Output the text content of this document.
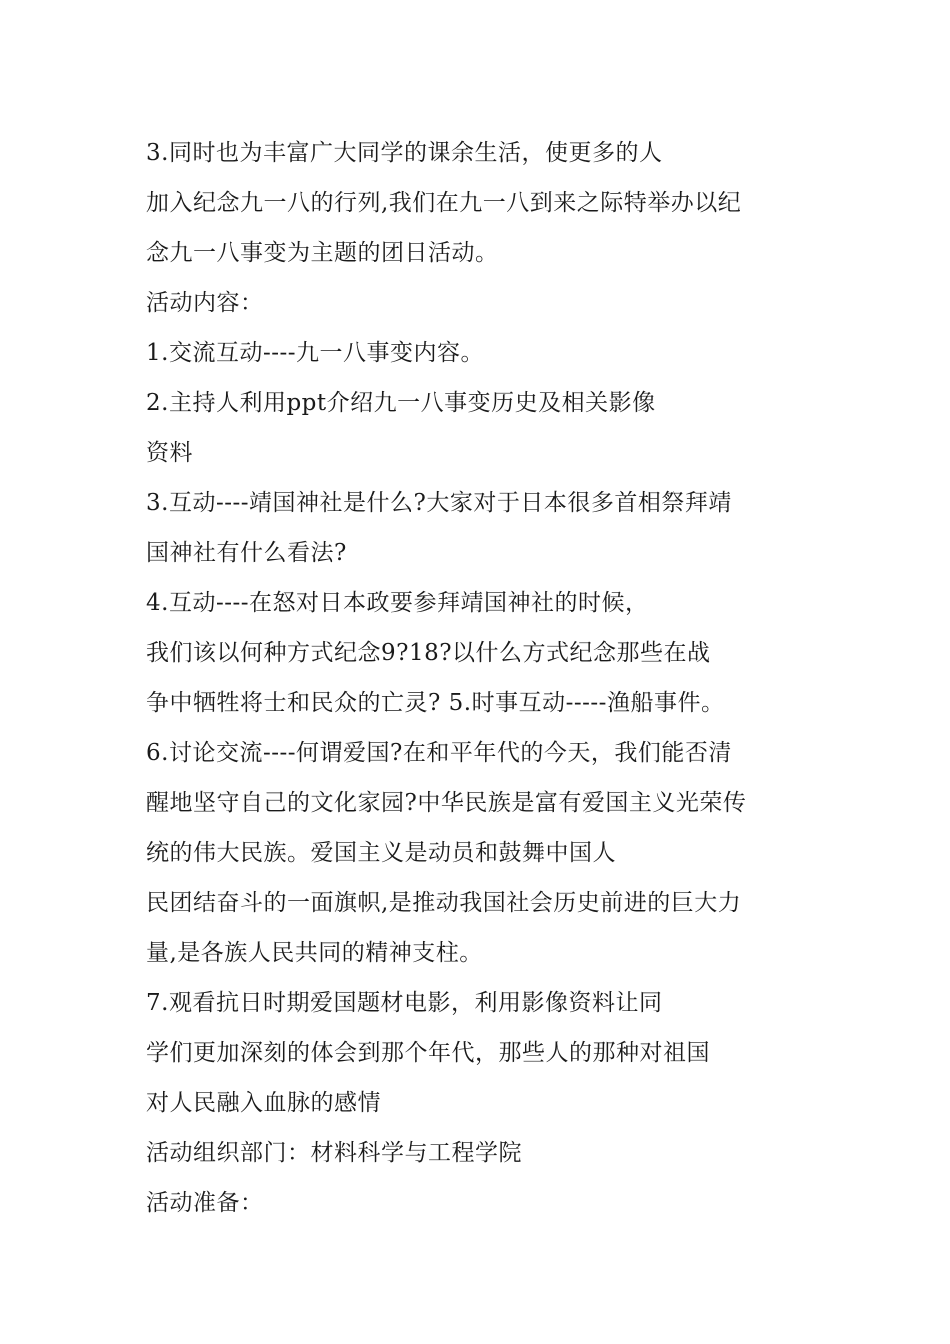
3.同时也为丰富广大同学的课余生活，使更多的人
加入纪念九一八的行列,我们在九一八到来之际特举办以纪
念九一八事变为主题的团日活动。
活动内容：
1.交流互动----九一八事变内容。
2.主持人利用ppt介绍九一八事变历史及相关影像
资料
3.互动----靖国神社是什么?大家对于日本很多首相祭拜靖
国神社有什么看法?
4.互动----在怒对日本政要参拜靖国神社的时候，
我们该以何种方式纪念9?18?以什么方式纪念那些在战
争中牺牲将士和民众的亡灵? 5.时事互动-----渔船事件。
6.讨论交流----何谓爱国?在和平年代的今天，我们能否清
醒地坚守自己的文化家园?中华民族是富有爱国主义光荣传
统的伟大民族。爱国主义是动员和鼓舞中国人
民团结奋斗的一面旗帜,是推动我国社会历史前进的巨大力
量,是各族人民共同的精神支柱。
7.观看抗日时期爱国题材电影，利用影像资料让同
学们更加深刻的体会到那个年代，那些人的那种对祖国
对人民融入血脉的感情
活动组织部门：材料科学与工程学院
活动准备：
